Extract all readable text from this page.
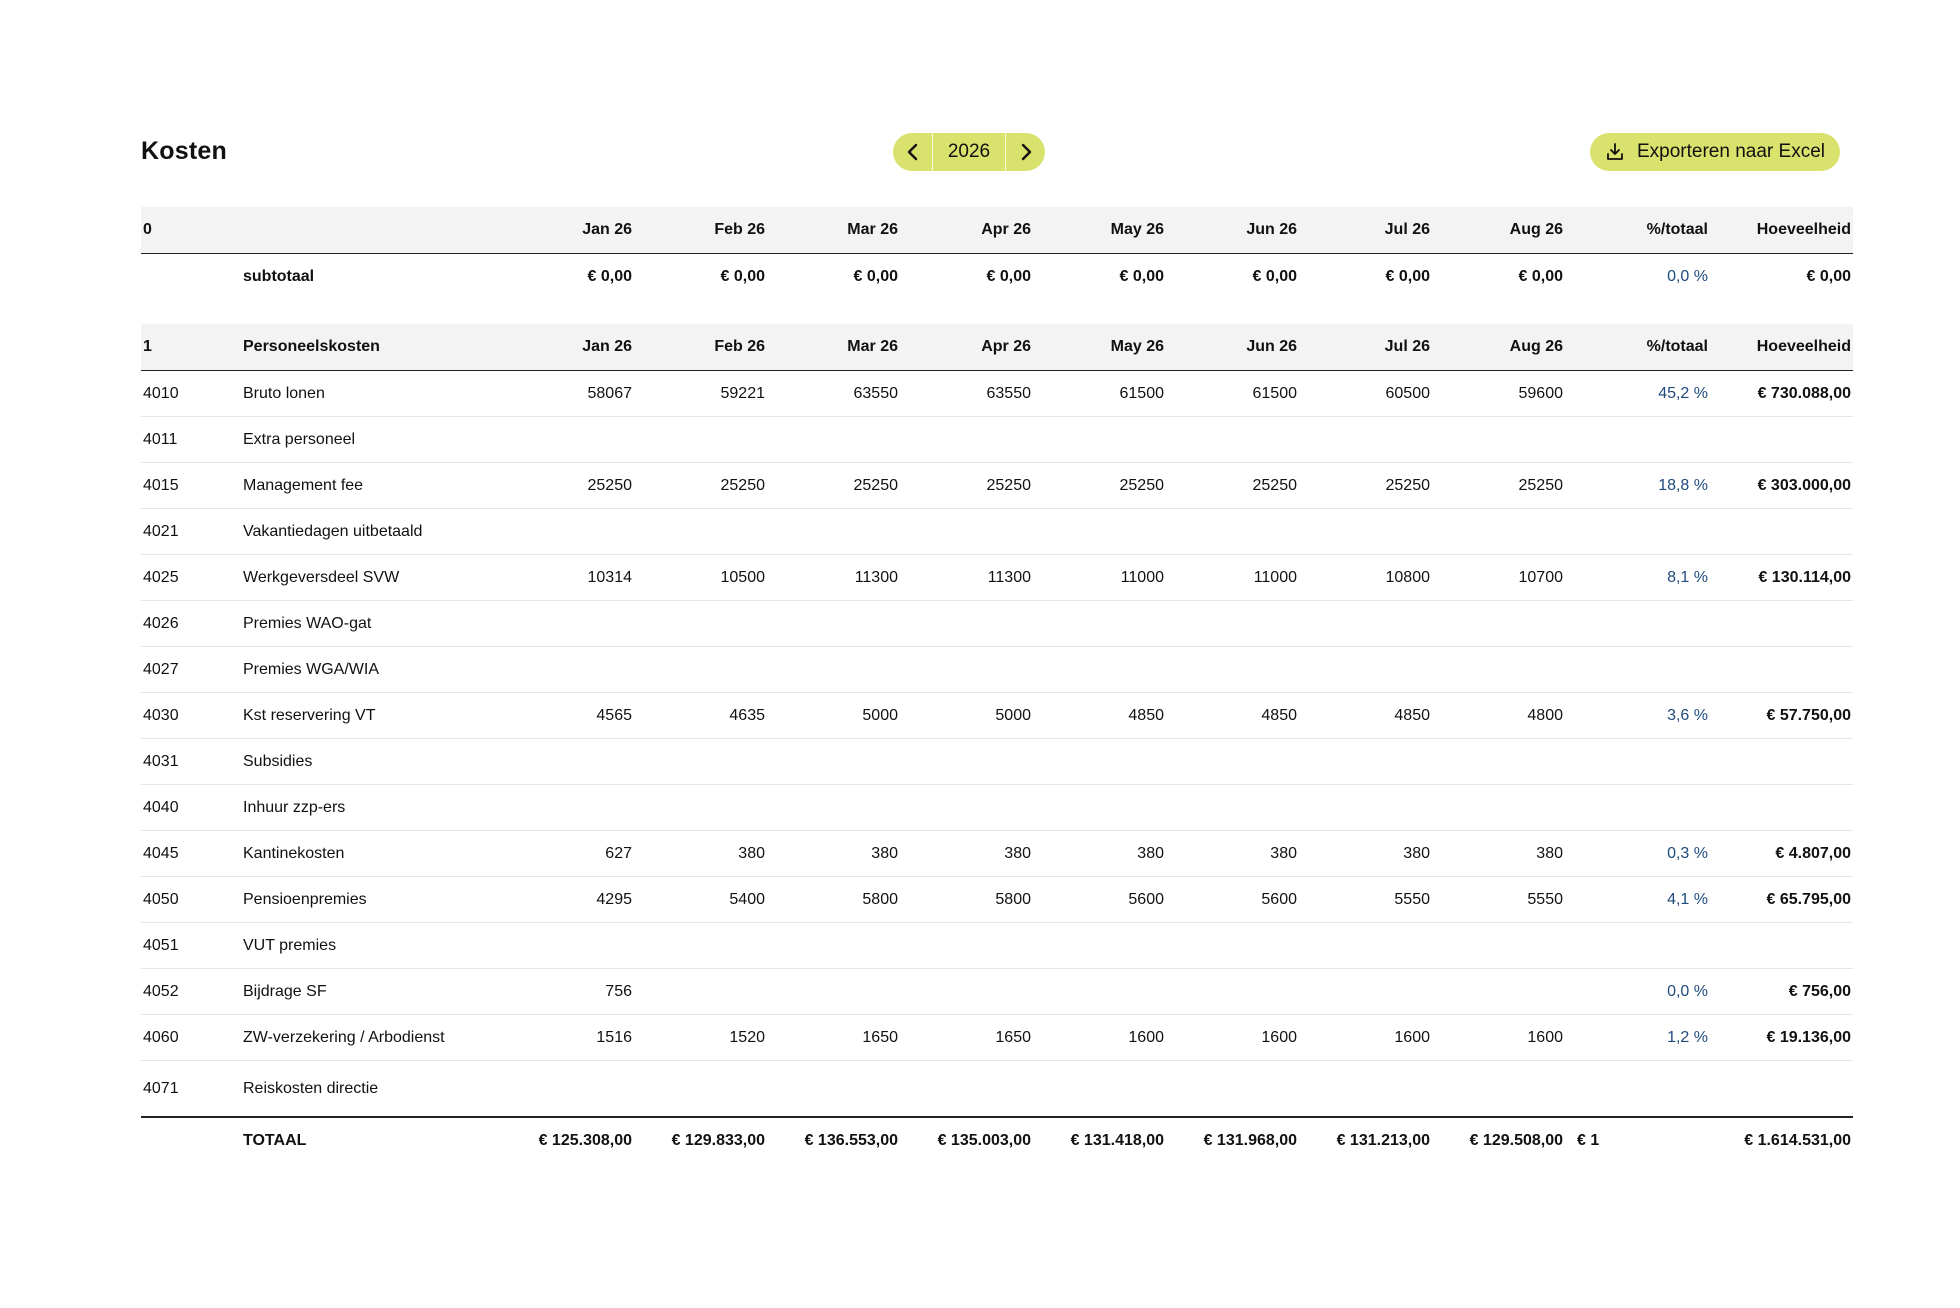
Kosten	2026	Exporteren naar Excel
0		Jan 26	Feb 26	Mar 26	Apr 26	May 26	Jun 26	Jul 26	Aug 26	%/totaal	Hoeveelheid
	subtotaal	€ 0,00	€ 0,00	€ 0,00	€ 0,00	€ 0,00	€ 0,00	€ 0,00	€ 0,00	0,0 %	€ 0,00

1	Personeelskosten	Jan 26	Feb 26	Mar 26	Apr 26	May 26	Jun 26	Jul 26	Aug 26	%/totaal	Hoeveelheid
4010	Bruto lonen	58067	59221	63550	63550	61500	61500	60500	59600	45,2 %	€ 730.088,00
4011	Extra personeel										
4015	Management fee	25250	25250	25250	25250	25250	25250	25250	25250	18,8 %	€ 303.000,00
4021	Vakantiedagen uitbetaald										
4025	Werkgeversdeel SVW	10314	10500	11300	11300	11000	11000	10800	10700	8,1 %	€ 130.114,00
4026	Premies WAO-gat										
4027	Premies WGA/WIA										
4030	Kst reservering VT	4565	4635	5000	5000	4850	4850	4850	4800	3,6 %	€ 57.750,00
4031	Subsidies										
4040	Inhuur zzp-ers										
4045	Kantinekosten	627	380	380	380	380	380	380	380	0,3 %	€ 4.807,00
4050	Pensioenpremies	4295	5400	5800	5800	5600	5600	5550	5550	4,1 %	€ 65.795,00
4051	VUT premies										
4052	Bijdrage SF	756								0,0 %	€ 756,00
4060	ZW-verzekering / Arbodienst	1516	1520	1650	1650	1600	1600	1600	1600	1,2 %	€ 19.136,00
4071	Reiskosten directie										
	TOTAAL	€ 125.308,00	€ 129.833,00	€ 136.553,00	€ 135.003,00	€ 131.418,00	€ 131.968,00	€ 131.213,00	€ 129.508,00	€ 1	€ 1.614.531,00
